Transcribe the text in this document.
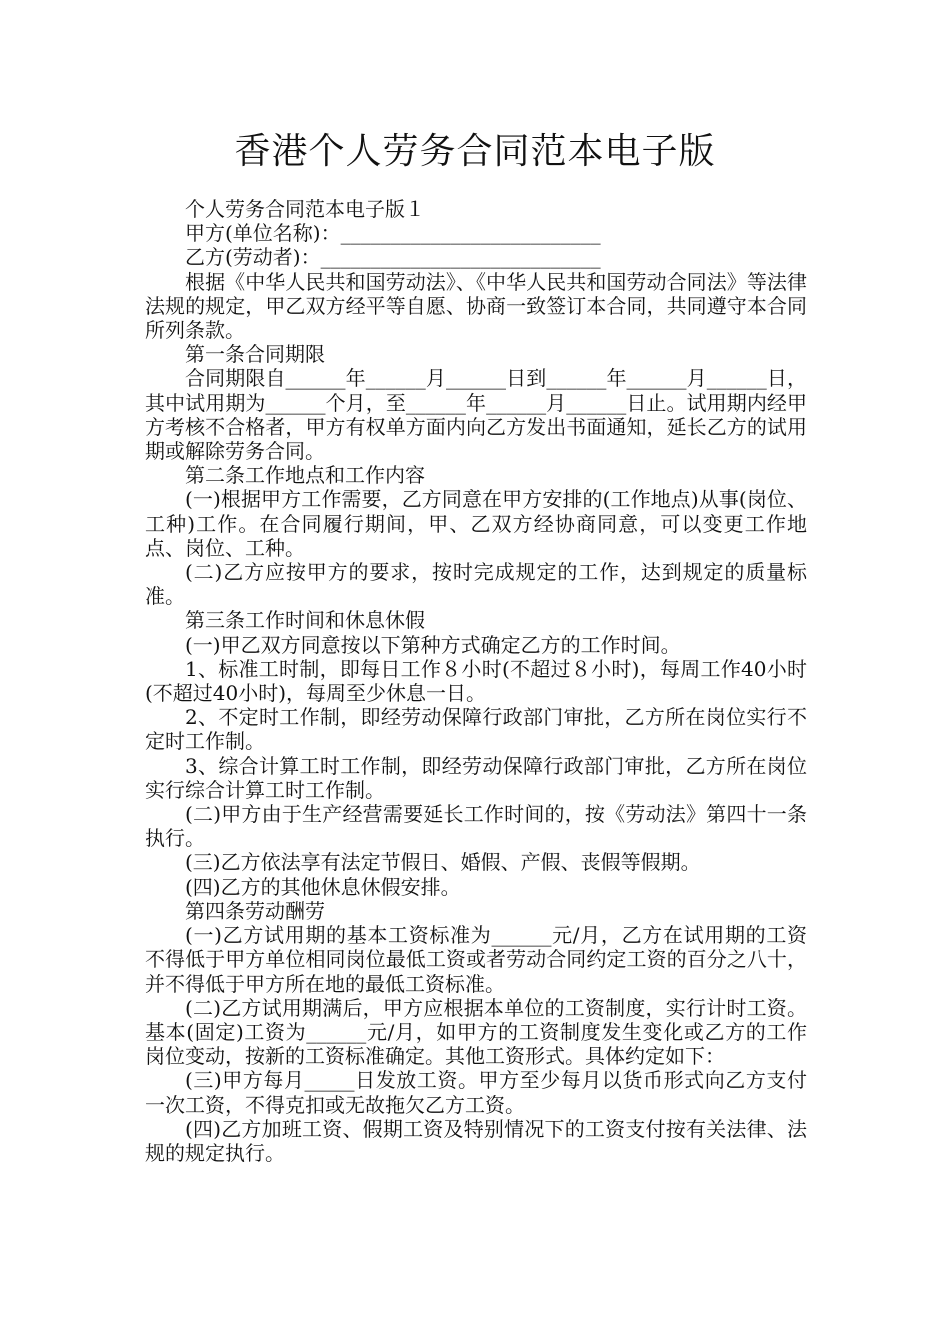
香港个人劳务合同范本电子版

个人劳务合同范本电子版１

甲方(单位名称)：__________________________

乙方(劳动者)：____________________________

根据《中华人民共和国劳动法》、《中华人民共和国劳动合同法》等法律法规的规定，甲乙双方经平等自愿、协商一致签订本合同，共同遵守本合同所列条款。

第一条合同期限

合同期限自______年______月______日到______年______月______日，其中试用期为______个月，至______年______月______日止。试用期内经甲方考核不合格者，甲方有权单方面内向乙方发出书面通知，延长乙方的试用期或解除劳务合同。

第二条工作地点和工作内容

(一)根据甲方工作需要，乙方同意在甲方安排的(工作地点)从事(岗位、工种)工作。在合同履行期间，甲、乙双方经协商同意，可以变更工作地点、岗位、工种。

(二)乙方应按甲方的要求，按时完成规定的工作，达到规定的质量标准。

第三条工作时间和休息休假

(一)甲乙双方同意按以下第种方式确定乙方的工作时间。

1、标准工时制，即每日工作８小时(不超过８小时)，每周工作40小时(不超过40小时)，每周至少休息一日。

2、不定时工作制，即经劳动保障行政部门审批，乙方所在岗位实行不定时工作制。

3、综合计算工时工作制，即经劳动保障行政部门审批，乙方所在岗位实行综合计算工时工作制。

(二)甲方由于生产经营需要延长工作时间的，按《劳动法》第四十一条执行。

(三)乙方依法享有法定节假日、婚假、产假、丧假等假期。

(四)乙方的其他休息休假安排。

第四条劳动酬劳

(一)乙方试用期的基本工资标准为______元/月，乙方在试用期的工资不得低于甲方单位相同岗位最低工资或者劳动合同约定工资的百分之八十，并不得低于甲方所在地的最低工资标准。

(二)乙方试用期满后，甲方应根据本单位的工资制度，实行计时工资。基本(固定)工资为______元/月，如甲方的工资制度发生变化或乙方的工作岗位变动，按新的工资标准确定。其他工资形式。具体约定如下：

(三)甲方每月_____日发放工资。甲方至少每月以货币形式向乙方支付一次工资，不得克扣或无故拖欠乙方工资。

(四)乙方加班工资、假期工资及特别情况下的工资支付按有关法律、法规的规定执行。
